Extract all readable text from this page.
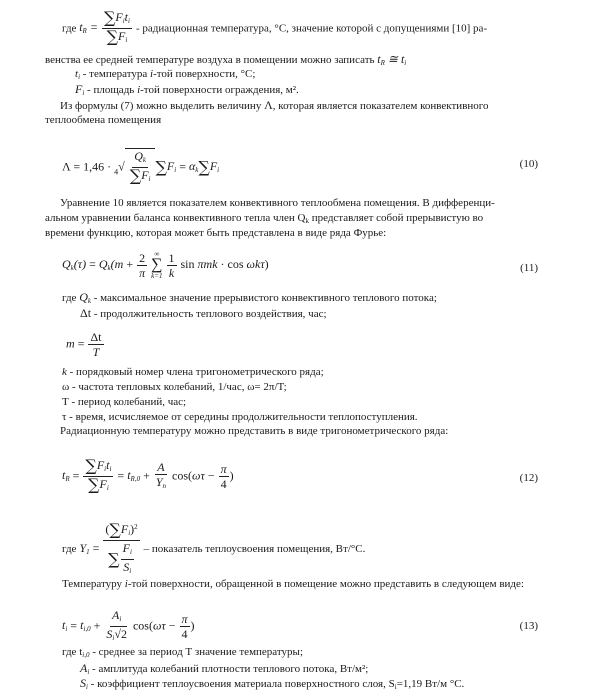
где $t_R = \frac{\sum F_it_i}{\sum F_i}$ - радиационная температура, °С, значение которой с допущениями [10] ра-
венства ее средней температуре воздуха в помещении можно записать $t_R$ ≅ $t_i$
$t_i$ - температура i-той поверхности, °С;
$F_i$ - площадь i-той поверхности ограждения, м².
Из формулы (7) можно выделить величину Λ, которая является показателем конвективного
теплообмена помещения
$\Lambda = 1,46 \cdot _4√ \frac{Q_k}{\sum F_i} \sum F_i = \alpha_k\sum F_i$
(10)
Уравнение 10 является показателем конвективного теплообмена помещения. В дифференци-
альном уравнении баланса конвективного тепла член $Q_k$ представляет собой прерывистую во
времени функцию, которая может быть представлена в виде ряда Фурье:
$Q_k(\tau) = Q_k(m + \frac{2}{\pi}$
∞
∑
k=1
$\frac{1}{k}$ sin πmk · cos ωkτ)	(11)
где $Q_k$ - максимальное значение прерывистого конвективного теплового потока;
Δt - продолжительность теплового воздействия, час;
$m = \frac{\Delta t}{T}$
k - порядковый номер члена тригонометрического ряда;
ω - частота тепловых колебаний, 1/час, ω= 2π/T;
Т - период колебаний, час;
τ - время, исчисляемое от середины продолжительности теплопоступления.
Радиационную температуру можно представить в виде тригонометрического ряда:
$t_R = \frac{\sum F_it_i}{\sum F_i} = t_{R,0} + \frac{A}{Y_п} \cos(\omega\tau - \frac{\pi}{4}$ )	(12)
где $Y_1 = \frac{(\sum F_i)^2}{\sum \frac{F_i}{S_i}}$ – показатель теплоусвоения помещения, Вт/°С.
Температуру i-той поверхности, обращенной в помещение можно представить в следующем виде:
$t_i = t_{i,0} + \frac{A_i}{S_i√2} \cos(\omega\tau - \frac{\pi}{4}$ )	(13)
где $t_{i,0}$ - среднее за период Т значение температуры;
$A_i$ - амплитуда колебаний плотности теплового потока, Вт/м²;
$S_i$ - коэффициент теплоусвоения материала поверхностного слоя, $S_i=1,19$ Вт/м °С.
